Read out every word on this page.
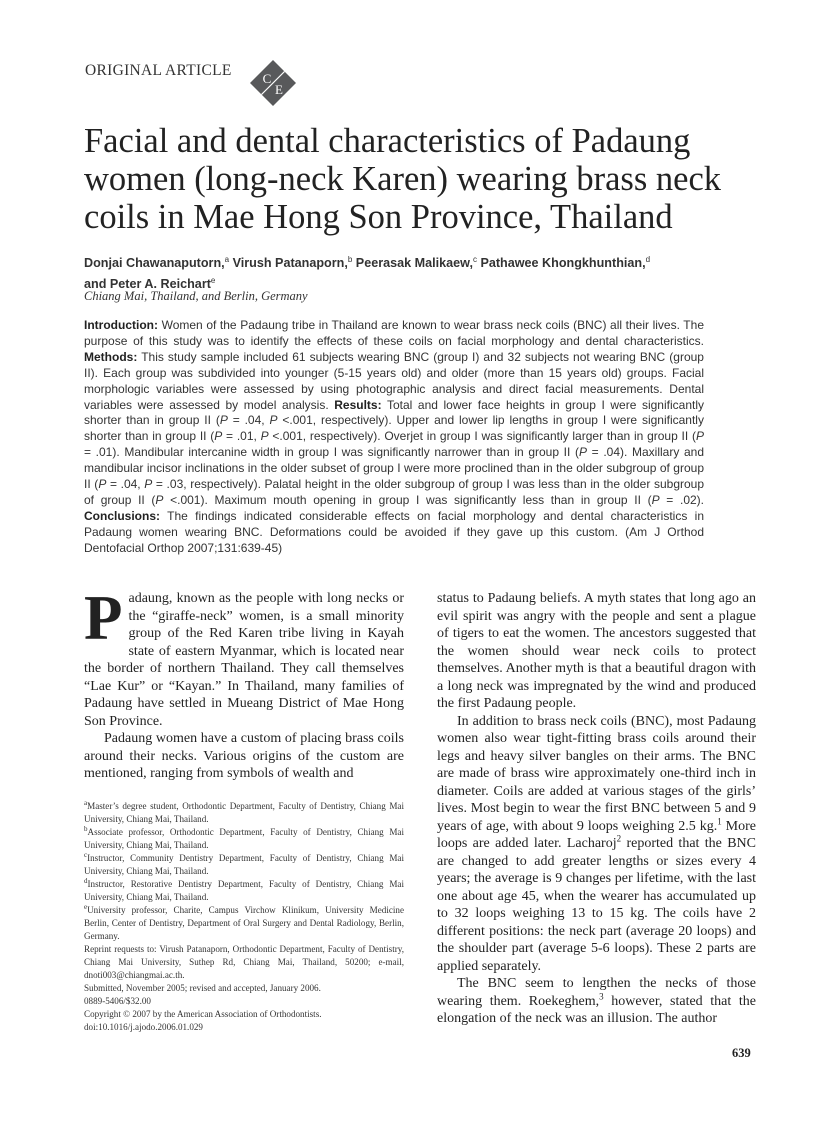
ORIGINAL ARTICLE C
E
Facial and dental characteristics of Padaung women (long-neck Karen) wearing brass neck coils in Mae Hong Son Province, Thailand
Donjai Chawanaputorn,$^a$ Virush Patanaporn,$^b$ Peerasak Malikaew,$^c$ Pathawee Khongkhunthian,$^d$
and Peter A. Reichart$^e$
Chiang Mai, Thailand, and Berlin, Germany
Introduction: Women of the Padaung tribe in Thailand are known to wear brass neck coils (BNC) all their lives. The purpose of this study was to identify the effects of these coils on facial morphology and dental characteristics. Methods: This study sample included 61 subjects wearing BNC (group I) and 32 subjects not wearing BNC (group II). Each group was subdivided into younger (5-15 years old) and older (more than 15 years old) groups. Facial morphologic variables were assessed by using photographic analysis and direct facial measurements. Dental variables were assessed by model analysis. Results: Total and lower face heights in group I were significantly shorter than in group II (P = .04, P <.001, respectively). Upper and lower lip lengths in group I were significantly shorter than in group II (P = .01, P <.001, respectively). Overjet in group I was significantly larger than in group II (P = .01). Mandibular intercanine width in group I was significantly narrower than in group II (P = .04). Maxillary and mandibular incisor inclinations in the older subset of group I were more proclined than in the older subgroup of group II (P = .04, P = .03, respectively). Palatal height in the older subgroup of group I was less than in the older subgroup of group II (P <.001). Maximum mouth opening in group I was significantly less than in group II (P = .02). Conclusions: The findings indicated considerable effects on facial morphology and dental characteristics in Padaung women wearing BNC. Deformations could be avoided if they gave up this custom. (Am J Orthod Dentofacial Orthop 2007;131:639-45)

Padaung, known as the people with long necks or the “giraffe-neck” women, is a small minority group of the Red Karen tribe living in Kayah state of eastern Myanmar, which is located near the border of northern Thailand. They call themselves “Lae Kur” or “Kayan.” In Thailand, many families of Padaung have settled in Mueang District of Mae Hong Son Province.

Padaung women have a custom of placing brass coils around their necks. Various origins of the custom are mentioned, ranging from symbols of wealth and

$^a$Master’s degree student, Orthodontic Department, Faculty of Dentistry, Chiang Mai University, Chiang Mai, Thailand.
$^b$Associate professor, Orthodontic Department, Faculty of Dentistry, Chiang Mai University, Chiang Mai, Thailand.
$^c$Instructor, Community Dentistry Department, Faculty of Dentistry, Chiang Mai University, Chiang Mai, Thailand.
$^d$Instructor, Restorative Dentistry Department, Faculty of Dentistry, Chiang Mai University, Chiang Mai, Thailand.
$^e$University professor, Charite, Campus Virchow Klinikum, University Medicine Berlin, Center of Dentistry, Department of Oral Surgery and Dental Radiology, Berlin, Germany.
Reprint requests to: Virush Patanaporn, Orthodontic Department, Faculty of Dentistry, Chiang Mai University, Suthep Rd, Chiang Mai, Thailand, 50200; e-mail, dnoti003@chiangmai.ac.th.
Submitted, November 2005; revised and accepted, January 2006.
0889-5406/$32.00
Copyright © 2007 by the American Association of Orthodontists.
doi:10.1016/j.ajodo.2006.01.029

status to Padaung beliefs. A myth states that long ago an evil spirit was angry with the people and sent a plague of tigers to eat the women. The ancestors suggested that the women should wear neck coils to protect themselves. Another myth is that a beautiful dragon with a long neck was impregnated by the wind and produced the first Padaung people.

In addition to brass neck coils (BNC), most Padaung women also wear tight-fitting brass coils around their legs and heavy silver bangles on their arms. The BNC are made of brass wire approximately one-third inch in diameter. Coils are added at various stages of the girls’ lives. Most begin to wear the first BNC between 5 and 9 years of age, with about 9 loops weighing 2.5 kg.$^1$ More loops are added later. Lacharoj$^2$ reported that the BNC are changed to add greater lengths or sizes every 4 years; the average is 9 changes per lifetime, with the last one about age 45, when the wearer has accumulated up to 32 loops weighing 13 to 15 kg. The coils have 2 different positions: the neck part (average 20 loops) and the shoulder part (average 5-6 loops). These 2 parts are applied separately.

The BNC seem to lengthen the necks of those wearing them. Roekeghem,$^3$ however, stated that the elongation of the neck was an illusion. The author

639
